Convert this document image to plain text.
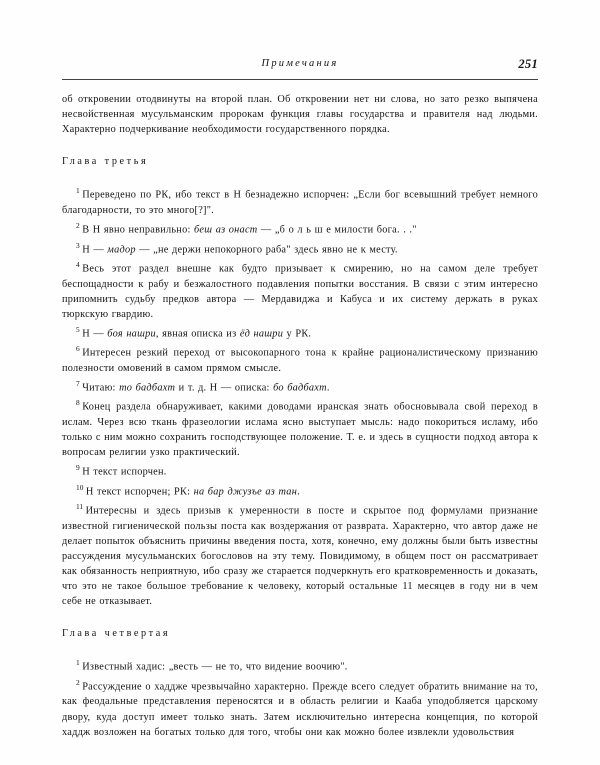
Примечания	251

об откровении отодвинуты на второй план. Об откровении нет ни слова, но зато резко выпячена несвойственная мусульманским пророкам функция главы государства и правителя над людьми. Характерно подчеркивание необходимости государственного порядка.

Глава третья

$^1$ Переведено по РК, ибо текст в Н безнадежно испорчен: „Если бог всевышний требует немного благодарности, то это много[?]".

$^2$ В Н явно неправильно: беш аз онаст — „б о л ь ш е милости бога. . ."

$^3$ Н — мадор — „не держи непокорного раба" здесь явно не к месту.

$^4$ Весь этот раздел внешне как будто призывает к смирению, но на самом деле требует беспощадности к рабу и безжалостного подавления попытки восстания. В связи с этим интересно припомнить судьбу предков автора — Мердавиджа и Кабуса и их систему держать в руках тюркскую гвардию.

$^5$ Н — боя нашри, явная описка из ёд нашри у РК.

$^6$ Интересен резкий переход от высокопарного тона к крайне рационалистическому признанию полезности омовений в самом прямом смысле.

$^7$ Читаю: то бадбахт и т. д. Н — описка: бо бадбахт.

$^8$ Конец раздела обнаруживает, какими доводами иранская знать обосновывала свой переход в ислам. Через всю ткань фразеологии ислама ясно выступает мысль: надо покориться исламу, ибо только с ним можно сохранить господствующее положение. Т. е. и здесь в сущности подход автора к вопросам религии узко практический.

$^9$ Н текст испорчен.

$^{10}$ Н текст испорчен; РК: на бар джузъе аз тан.

$^{11}$ Интересны и здесь призыв к умеренности в посте и скрытое под формулами признание известной гигиенической пользы поста как воздержания от разврата. Характерно, что автор даже не делает попыток объяснить причины введения поста, хотя, конечно, ему должны были быть известны рассуждения мусульманских богословов на эту тему. Повидимому, в общем пост он рассматривает как обязанность неприятную, ибо сразу же старается подчеркнуть его кратковременность и доказать, что это не такое большое требование к человеку, который остальные 11 месяцев в году ни в чем себе не отказывает.

Глава четвертая

$^1$ Известный хадис: „весть — не то, что видение воочию".

$^2$ Рассуждение о хаддже чрезвычайно характерно. Прежде всего следует обратить внимание на то, как феодальные представления переносятся и в область религии и Кааба уподобляется царскому двору, куда доступ имеет только знать. Затем исключительно интересна концепция, по которой хаддж возложен на богатых только для того, чтобы они как можно более извлекли удовольствия
